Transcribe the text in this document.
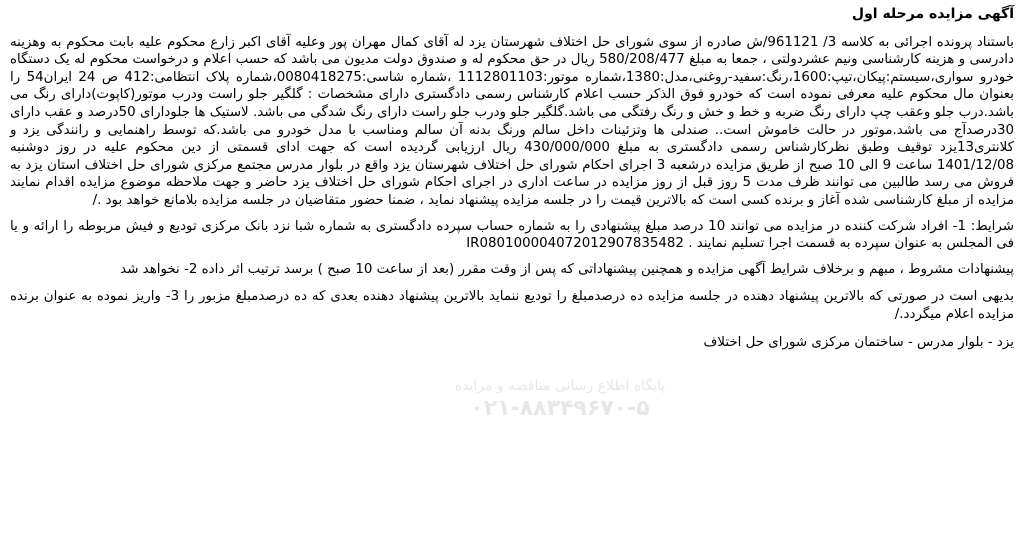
آگهی مزایده مرحله اول

باستناد پرونده اجرائی به کلاسه 3/ 961121/ش صادره از سوی شورای حل اختلاف شهرستان یزد له آقای کمال مهران پور وعلیه آقای اکبر زارع محکوم علیه بابت محکوم به وهزینه دادرسی و هزینه کارشناسی ونیم عشردولتی ، جمعا به مبلغ 580/208/477 ریال در حق محکوم له و صندوق دولت مدیون می باشد که حسب اعلام و درخواست محکوم له یک دستگاه خودرو سواری،سیستم:پیکان،تیپ:1600،رنگ:سفید-روغنی،مدل:1380،شماره موتور:1112801103 ،شماره شاسی:0080418275،شماره پلاک انتظامی:412 ص 24 ایران54 را بعنوان مال محکوم علیه معرفی نموده است که خودرو فوق الذکر حسب اعلام کارشناس رسمی دادگستری دارای مشخصات : گلگیر جلو راست ودرب موتور(کاپوت)دارای رنگ می باشد.درب جلو وعقب چپ دارای رنگ ضربه و خط و خش و رنگ رفتگی می باشد.گلگیر جلو ودرب جلو راست دارای رنگ شدگی می باشد. لاستیک ها جلودارای 50درصد و عقب دارای 30درصدآج می باشد.موتور در حالت خاموش است.. صندلی ها وتزئینات داخل سالم ورنگ بدنه آن سالم ومناسب با مدل خودرو می باشد.که توسط راهنمایی و رانندگی یزد و کلانتری13یزد توقیف وطبق نظرکارشناس رسمی دادگستری به مبلغ 430/000/000 ریال ارزیابی گردیده است که جهت ادای قسمتی از دین محکوم علیه در روز دوشنبه 1401/12/08 ساعت 9 الی 10 صبح از طریق مزایده درشعبه 3 اجرای احکام شورای حل اختلاف شهرستان یزد واقع در بلوار مدرس مجتمع مرکزی شورای حل اختلاف استان یزد به فروش می رسد طالبین می توانند ظرف مدت 5 روز قبل از روز مزایده در ساعت اداری در اجرای احکام شورای حل اختلاف یزد حاضر و جهت ملاحظه موضوع مزایده اقدام نمایند مزایده از مبلغ کارشناسی شده آغاز و برنده کسی است که بالاترین قیمت را در جلسه مزایده پیشنهاد نماید ، ضمنا حضور متقاضیان در جلسه مزایده بلامانع خواهد بود ./

شرایط: 1- افراد شرکت کننده در مزایده می توانند 10 درصد مبلغ پیشنهادی را به شماره حساب سپرده دادگستری به شماره شبا نزد بانک مرکزی تودیع و فیش مربوطه را ارائه و یا فی المجلس به عنوان سپرده به قسمت اجرا تسلیم نمایند . IR080100004072012907835482

پیشنهادات مشروط ، مبهم و برخلاف شرایط آگهی مزایده و همچنین پیشنهاداتی که پس از وقت مقرر (بعد از ساعت 10 صبح ) برسد ترتیب اثر داده 2- نخواهد شد

بدیهی است در صورتی که بالاترین پیشنهاد دهنده در جلسه مزایده ده درصدمبلغ را تودیع ننماید بالاترین پیشنهاد دهنده بعدی که ده درصدمبلغ مزبور را 3- واریز نموده به عنوان برنده مزایده اعلام میگردد./

یزد - بلوار مدرس - ساختمان مرکزی شورای حل اختلاف

پایگاه اطلاع رسانی مناقصه و مزایده
۰۲۱-۸۸۳۴۹۶۷۰-۵
